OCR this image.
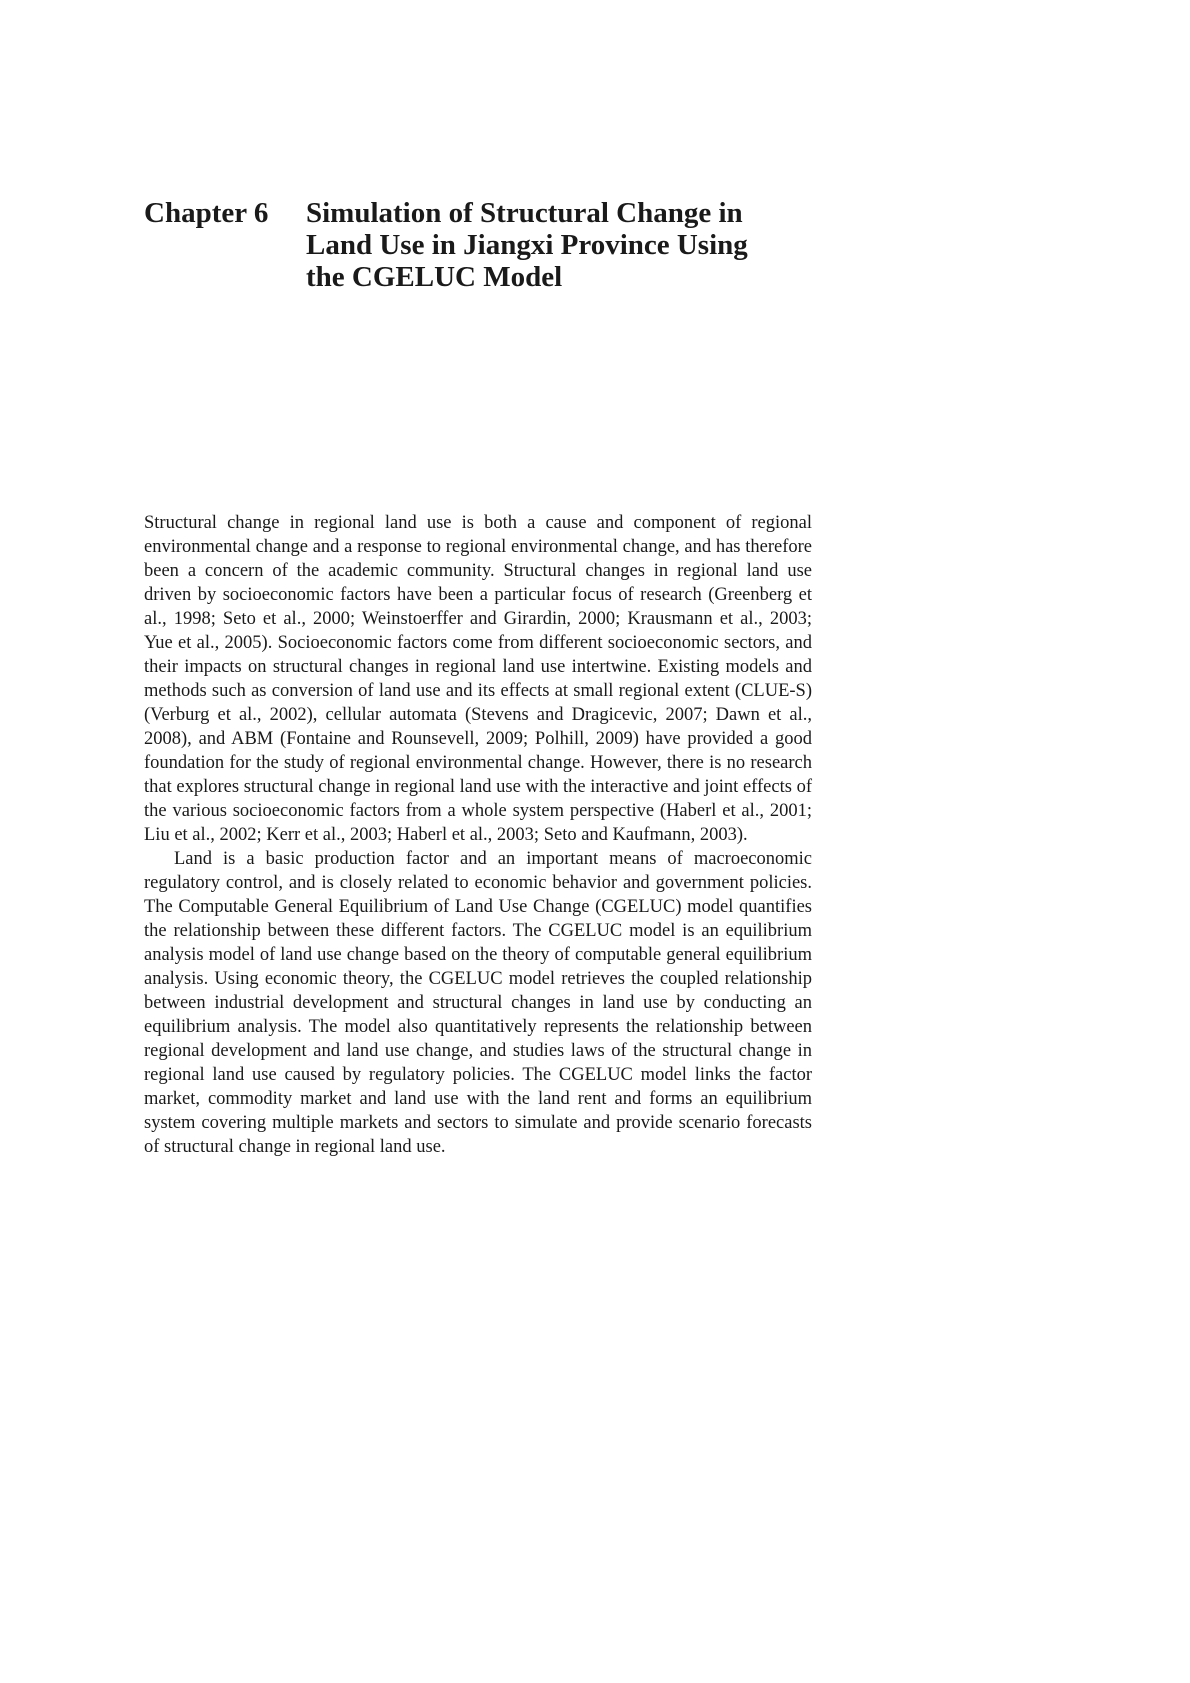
Chapter 6	Simulation of Structural Change in
Land Use in Jiangxi Province Using
the CGELUC Model

Structural change in regional land use is both a cause and component of regional environmental change and a response to regional environmental change, and has therefore been a concern of the academic community. Structural changes in regional land use driven by socioeconomic factors have been a particular focus of research (Greenberg et al., 1998; Seto et al., 2000; Weinstoerffer and Girardin, 2000; Krausmann et al., 2003; Yue et al., 2005). Socioeconomic factors come from different socioeconomic sectors, and their impacts on structural changes in regional land use intertwine. Existing models and methods such as conversion of land use and its effects at small regional extent (CLUE-S) (Verburg et al., 2002), cellular automata (Stevens and Dragicevic, 2007; Dawn et al., 2008), and ABM (Fontaine and Rounsevell, 2009; Polhill, 2009) have provided a good foundation for the study of regional environmental change. However, there is no research that explores structural change in regional land use with the interactive and joint effects of the various socioeconomic factors from a whole system perspective (Haberl et al., 2001; Liu et al., 2002; Kerr et al., 2003; Haberl et al., 2003; Seto and Kaufmann, 2003).

Land is a basic production factor and an important means of macroeconomic regulatory control, and is closely related to economic behavior and government policies. The Computable General Equilibrium of Land Use Change (CGELUC) model quantifies the relationship between these different factors. The CGELUC model is an equilibrium analysis model of land use change based on the theory of computable general equilibrium analysis. Using economic theory, the CGELUC model retrieves the coupled relationship between industrial development and structural changes in land use by conducting an equilibrium analysis. The model also quantitatively represents the relationship between regional development and land use change, and studies laws of the structural change in regional land use caused by regulatory policies. The CGELUC model links the factor market, commodity market and land use with the land rent and forms an equilibrium system covering multiple markets and sectors to simulate and provide scenario forecasts of structural change in regional land use.
